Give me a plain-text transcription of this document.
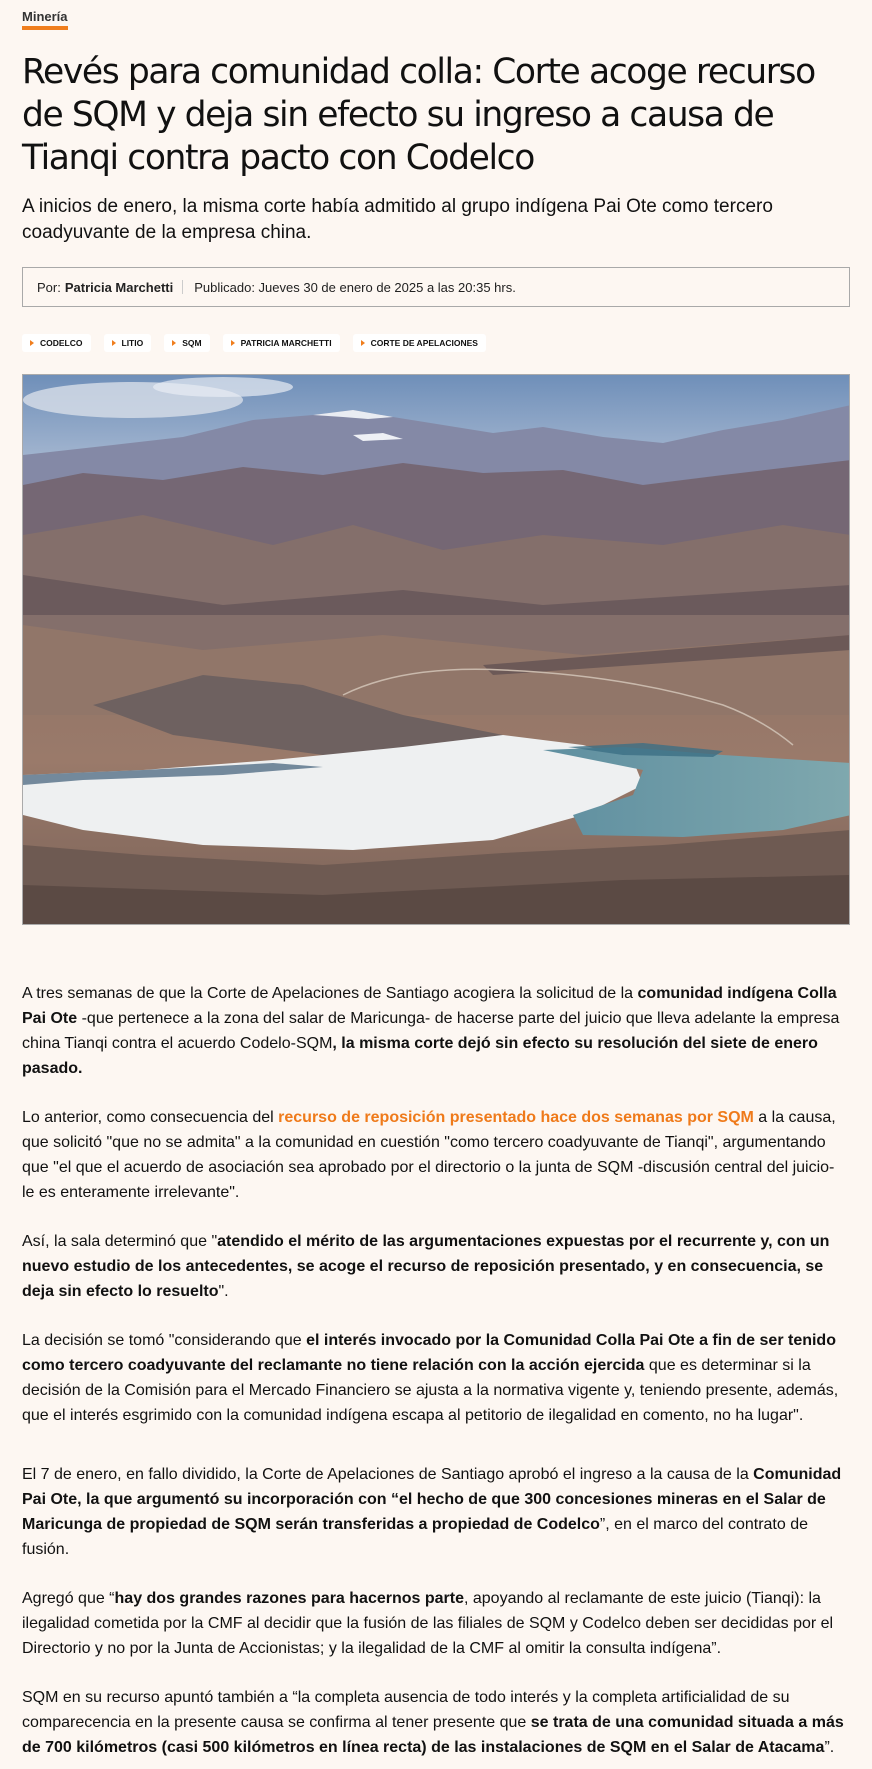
Minería
Revés para comunidad colla: Corte acoge recurso de SQM y deja sin efecto su ingreso a causa de Tianqi contra pacto con Codelco
A inicios de enero, la misma corte había admitido al grupo indígena Pai Ote como tercero coadyuvante de la empresa china.
Por: Patricia Marchetti Publicado: Jueves 30 de enero de 2025 a las 20:35 hrs.
CODELCO	LITIO	SQM	PATRICIA MARCHETTI	CORTE DE APELACIONES

A tres semanas de que la Corte de Apelaciones de Santiago acogiera la solicitud de la comunidad indígena Colla Pai Ote -que pertenece a la zona del salar de Maricunga- de hacerse parte del juicio que lleva adelante la empresa china Tianqi contra el acuerdo Codelo-SQM, la misma corte dejó sin efecto su resolución del siete de enero pasado.

Lo anterior, como consecuencia del recurso de reposición presentado hace dos semanas por SQM a la causa, que solicitó "que no se admita" a la comunidad en cuestión "como tercero coadyuvante de Tianqi", argumentando que "el que el acuerdo de asociación sea aprobado por el directorio o la junta de SQM -discusión central del juicio- le es enteramente irrelevante".

Así, la sala determinó que "atendido el mérito de las argumentaciones expuestas por el recurrente y, con un nuevo estudio de los antecedentes, se acoge el recurso de reposición presentado, y en consecuencia, se deja sin efecto lo resuelto".

La decisión se tomó "considerando que el interés invocado por la Comunidad Colla Pai Ote a fin de ser tenido como tercero coadyuvante del reclamante no tiene relación con la acción ejercida que es determinar si la decisión de la Comisión para el Mercado Financiero se ajusta a la normativa vigente y, teniendo presente, además, que el interés esgrimido con la comunidad indígena escapa al petitorio de ilegalidad en comento, no ha lugar".

El 7 de enero, en fallo dividido, la Corte de Apelaciones de Santiago aprobó el ingreso a la causa de la Comunidad Pai Ote, la que argumentó su incorporación con “el hecho de que 300 concesiones mineras en el Salar de Maricunga de propiedad de SQM serán transferidas a propiedad de Codelco”, en el marco del contrato de fusión.

Agregó que “hay dos grandes razones para hacernos parte, apoyando al reclamante de este juicio (Tianqi): la ilegalidad cometida por la CMF al decidir que la fusión de las filiales de SQM y Codelco deben ser decididas por el Directorio y no por la Junta de Accionistas; y la ilegalidad de la CMF al omitir la consulta indígena”.

SQM en su recurso apuntó también a “la completa ausencia de todo interés y la completa artificialidad de su comparecencia en la presente causa se confirma al tener presente que se trata de una comunidad situada a más de 700 kilómetros (casi 500 kilómetros en línea recta) de las instalaciones de SQM en el Salar de Atacama”.
